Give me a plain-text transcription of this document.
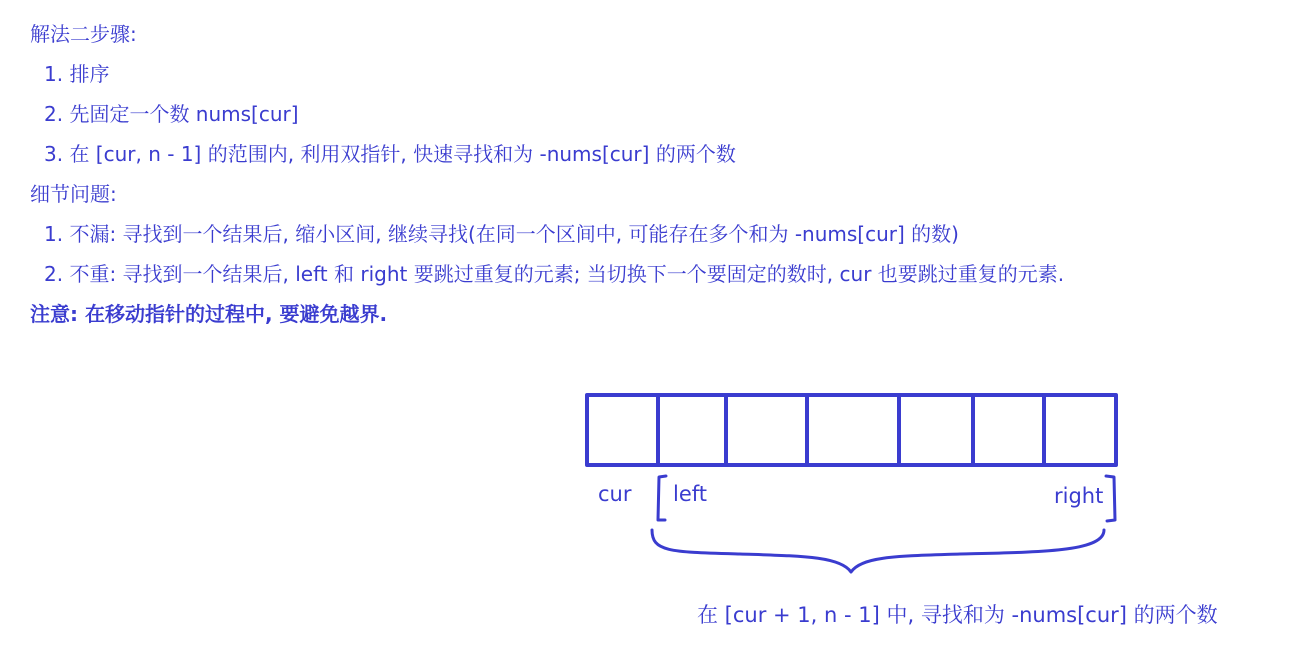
解法二步骤:
1. 排序
2. 先固定一个数 nums[cur]
3. 在 [cur, n - 1] 的范围内, 利用双指针, 快速寻找和为 -nums[cur] 的两个数
细节问题:
1. 不漏: 寻找到一个结果后, 缩小区间, 继续寻找(在同一个区间中, 可能存在多个和为 -nums[cur] 的数)
2. 不重: 寻找到一个结果后, left 和 right 要跳过重复的元素; 当切换下一个要固定的数时, cur 也要跳过重复的元素.
注意: 在移动指针的过程中, 要避免越界.
cur left	right
在 [cur + 1, n - 1] 中, 寻找和为 -nums[cur] 的两个数
